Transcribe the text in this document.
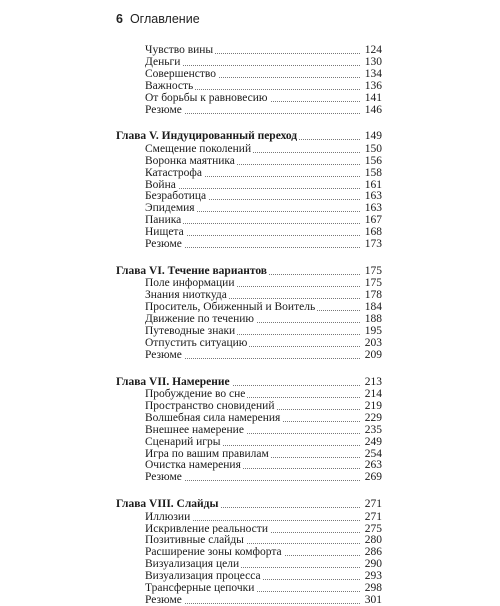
6 Оглавление
Чувство вины	124
Деньги	130
Совершенство	134
Важность	136
От борьбы к равновесию	141
Резюме	146
Глава V. Индуцированный переход	149
Смещение поколений	150
Воронка маятника	156
Катастрофа	158
Война	161
Безработица	163
Эпидемия	163
Паника	167
Нищета	168
Резюме	173
Глава VI. Течение вариантов	175
Поле информации	175
Знания ниоткуда	178
Проситель, Обиженный и Воитель	184
Движение по течению	188
Путеводные знаки	195
Отпустить ситуацию	203
Резюме	209
Глава VII. Намерение	213
Пробуждение во сне	214
Пространство сновидений	219
Волшебная сила намерения	229
Внешнее намерение	235
Сценарий игры	249
Игра по вашим правилам	254
Очистка намерения	263
Резюме	269
Глава VIII. Слайды	271
Иллюзии	271
Искривление реальности	275
Позитивные слайды	280
Расширение зоны комфорта	286
Визуализация цели	290
Визуализация процесса	293
Трансферные цепочки	298
Резюме	301
